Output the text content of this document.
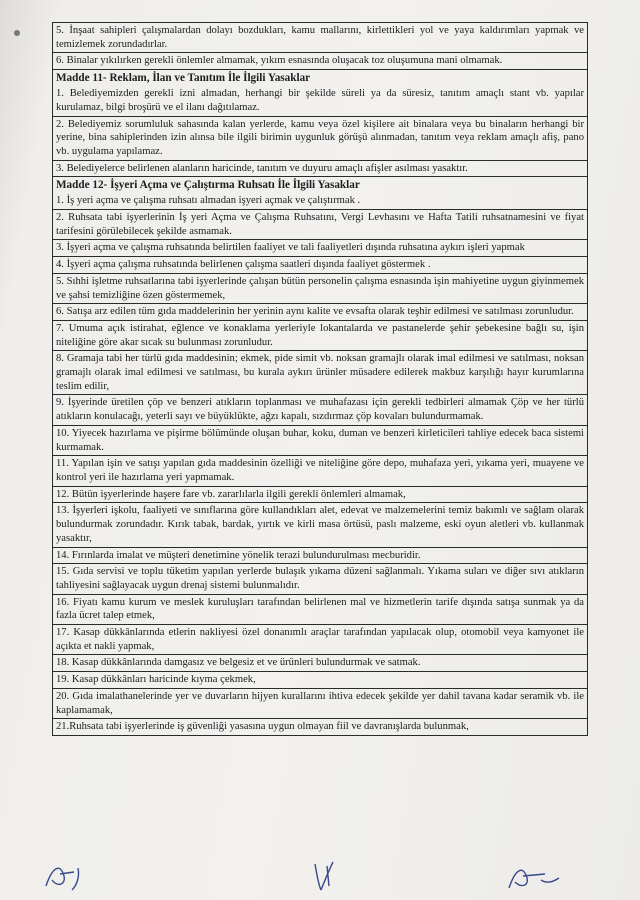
5. İnşaat sahipleri çalışmalardan dolayı bozdukları, kamu mallarını, kirlettikleri yol ve yaya kaldırımları yapmak ve temizlemek zorundadırlar.
6. Binalar yıkılırken gerekli önlemler almamak, yıkım esnasında oluşacak toz oluşumuna mani olmamak.
Madde 11- Reklam, İlan ve Tanıtım İle İlgili Yasaklar
1. Belediyemizden gerekli izni almadan, herhangi bir şekilde süreli ya da süresiz, tanıtım amaçlı stant vb. yapılar kurulamaz, bilgi broşürü ve el ilanı dağıtılamaz.
2. Belediyemiz sorumluluk sahasında kalan yerlerde, kamu veya özel kişilere ait binalara veya bu binaların herhangi bir yerine, bina sahiplerinden izin alınsa bile ilgili birimin uygunluk görüşü alınmadan, tanıtım veya reklam amaçlı afiş, pano vb. uygulama yapılamaz.
3. Belediyelerce belirlenen alanların haricinde, tanıtım ve duyuru amaçlı afişler asılması yasaktır.
Madde 12- İşyeri Açma ve Çalıştırma Ruhsatı İle İlgili Yasaklar
1. İş yeri açma ve çalışma ruhsatı almadan işyeri açmak ve çalıştırmak .
2. Ruhsata tabi işyerlerinin İş yeri Açma ve Çalışma Ruhsatını, Vergi Levhasını ve Hafta Tatili ruhsatnamesini ve fiyat tarifesini görülebilecek şekilde asmamak.
3. İşyeri açma ve çalışma ruhsatında belirtilen faaliyet ve tali faaliyetleri dışında ruhsatına aykırı işleri yapmak
4. İşyeri açma çalışma ruhsatında belirlenen çalışma saatleri dışında faaliyet göstermek .
5. Sıhhi işletme ruhsatlarına tabi işyerlerinde çalışan bütün personelin çalışma esnasında işin mahiyetine uygun giyinmemek ve şahsi temizliğine özen göstermemek,
6. Satışa arz edilen tüm gıda maddelerinin her yerinin aynı kalite ve evsafta olarak teşhir edilmesi ve satılması zorunludur.
7. Umuma açık istirahat, eğlence ve konaklama yerleriyle lokantalarda ve pastanelerde şehir şebekesine bağlı su, işin niteliğine göre akar sıcak su bulunması zorunludur.
8. Gramaja tabi her türlü gıda maddesinin; ekmek, pide simit vb. noksan gramajlı olarak imal edilmesi ve satılması, noksan gramajlı olarak imal edilmesi ve satılması, bu kurala aykırı ürünler müsadere edilerek makbuz karşılığı hayır kurumlarına teslim edilir,
9. İşyerinde üretilen çöp ve benzeri atıkların toplanması ve muhafazası için gerekli tedbirleri almamak Çöp ve her türlü atıkların konulacağı, yeterli sayı ve büyüklükte, ağzı kapalı, sızdırmaz çöp kovaları bulundurmamak.
10. Yiyecek hazırlama ve pişirme bölümünde oluşan buhar, koku, duman ve benzeri kirleticileri tahliye edecek baca sistemi kurmamak.
11. Yapılan işin ve satışı yapılan gıda maddesinin özelliği ve niteliğine göre depo, muhafaza yeri, yıkama yeri, muayene ve kontrol yeri ile hazırlama yeri yapmamak.
12. Bütün işyerlerinde haşere fare vb. zararlılarla ilgili gerekli önlemleri almamak,
13. İşyerleri işkolu, faaliyeti ve sınıflarına göre kullandıkları alet, edevat ve malzemelerini temiz bakımlı ve sağlam olarak bulundurmak zorundadır. Kırık tabak, bardak, yırtık ve kirli masa örtüsü, paslı malzeme, eski oyun aletleri vb. kullanmak yasaktır,
14. Fırınlarda imalat ve müşteri denetimine yönelik terazi bulundurulması mecburidir.
15. Gıda servisi ve toplu tüketim yapılan yerlerde bulaşık yıkama düzeni sağlanmalı. Yıkama suları ve diğer sıvı atıkların tahliyesini sağlayacak uygun drenaj sistemi bulunmalıdır.
16. Fiyatı kamu kurum ve meslek kuruluşları tarafından belirlenen mal ve hizmetlerin tarife dışında satışa sunmak ya da fazla ücret talep etmek,
17. Kasap dükkânlarında etlerin nakliyesi özel donanımlı araçlar tarafından yapılacak olup, otomobil veya kamyonet ile açıkta et nakli yapmak,
18. Kasap dükkânlarında damgasız ve belgesiz et ve ürünleri bulundurmak ve satmak.
19. Kasap dükkânları haricinde kıyma çekmek,
20. Gıda imalathanelerinde yer ve duvarların hijyen kurallarını ihtiva edecek şekilde yer dahil tavana kadar seramik vb. ile kaplamamak,
21.Ruhsata tabi işyerlerinde iş güvenliği yasasına uygun olmayan fiil ve davranışlarda bulunmak,
